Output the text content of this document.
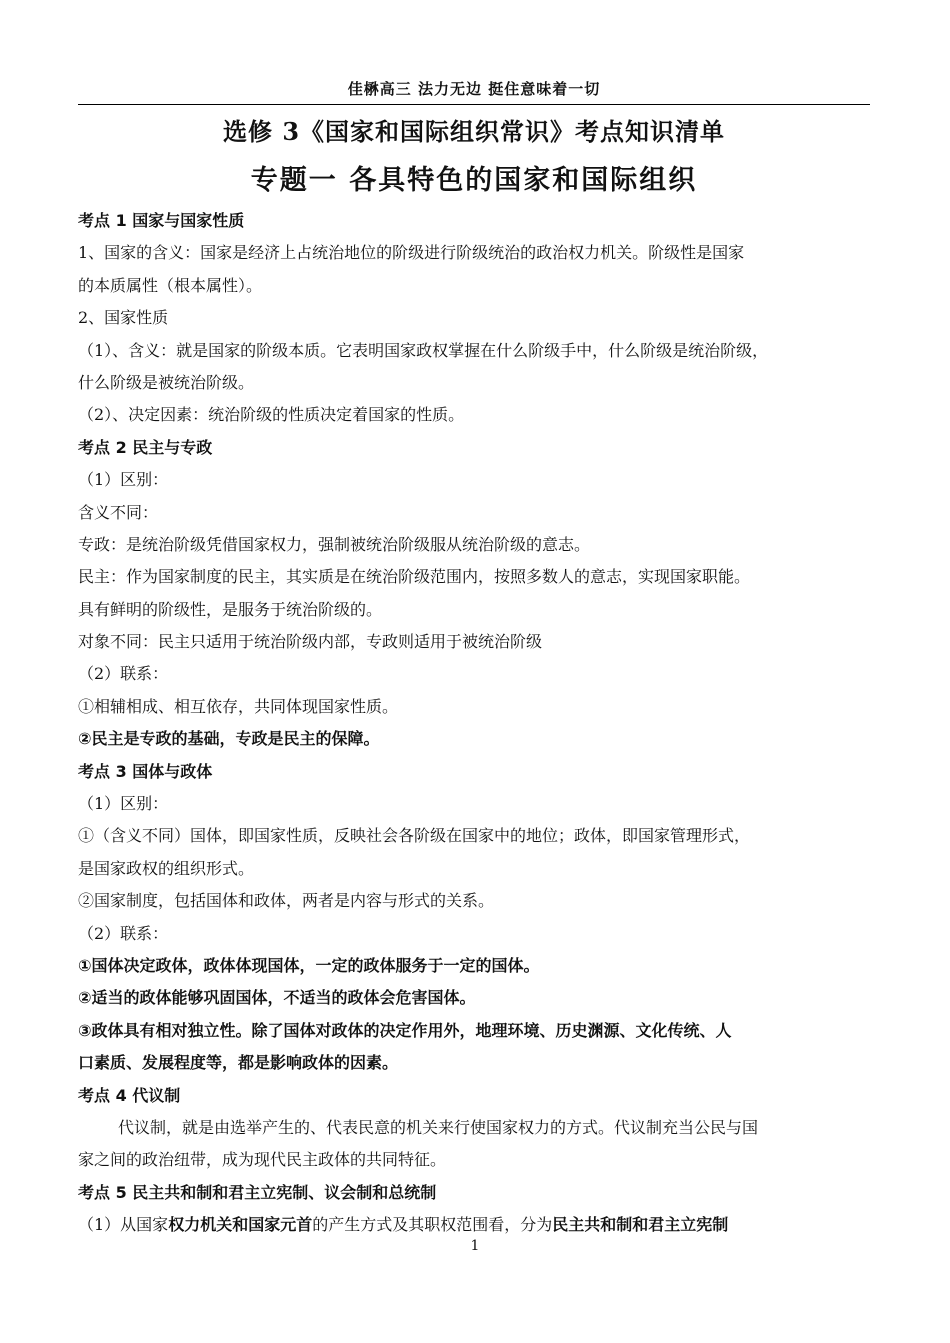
佳楙高三 法力无边 挺住意味着一切
选修 3《国家和国际组织常识》考点知识清单
专题一 各具特色的国家和国际组织
考点 1 国家与国家性质
1、国家的含义：国家是经济上占统治地位的阶级进行阶级统治的政治权力机关。阶级性是国家
的本质属性（根本属性）。
2、国家性质
（1）、含义：就是国家的阶级本质。它表明国家政权掌握在什么阶级手中，什么阶级是统治阶级，
什么阶级是被统治阶级。
（2）、决定因素：统治阶级的性质决定着国家的性质。
考点 2 民主与专政
（1）区别：
含义不同：
专政：是统治阶级凭借国家权力，强制被统治阶级服从统治阶级的意志。
民主：作为国家制度的民主，其实质是在统治阶级范围内，按照多数人的意志，实现国家职能。
具有鲜明的阶级性，是服务于统治阶级的。
对象不同：民主只适用于统治阶级内部，专政则适用于被统治阶级
（2）联系：
①相辅相成、相互依存，共同体现国家性质。
②民主是专政的基础，专政是民主的保障。
考点 3 国体与政体
（1）区别：
①（含义不同）国体，即国家性质，反映社会各阶级在国家中的地位；政体，即国家管理形式，
是国家政权的组织形式。
②国家制度，包括国体和政体，两者是内容与形式的关系。
（2）联系：
①国体决定政体，政体体现国体，一定的政体服务于一定的国体。
②适当的政体能够巩固国体，不适当的政体会危害国体。
③政体具有相对独立性。除了国体对政体的决定作用外，地理环境、历史渊源、文化传统、人
口素质、发展程度等，都是影响政体的因素。
考点 4 代议制
代议制，就是由选举产生的、代表民意的机关来行使国家权力的方式。代议制充当公民与国
家之间的政治纽带，成为现代民主政体的共同特征。
考点 5 民主共和制和君主立宪制、议会制和总统制
（1）从国家权力机关和国家元首的产生方式及其职权范围看，分为民主共和制和君主立宪制
1
